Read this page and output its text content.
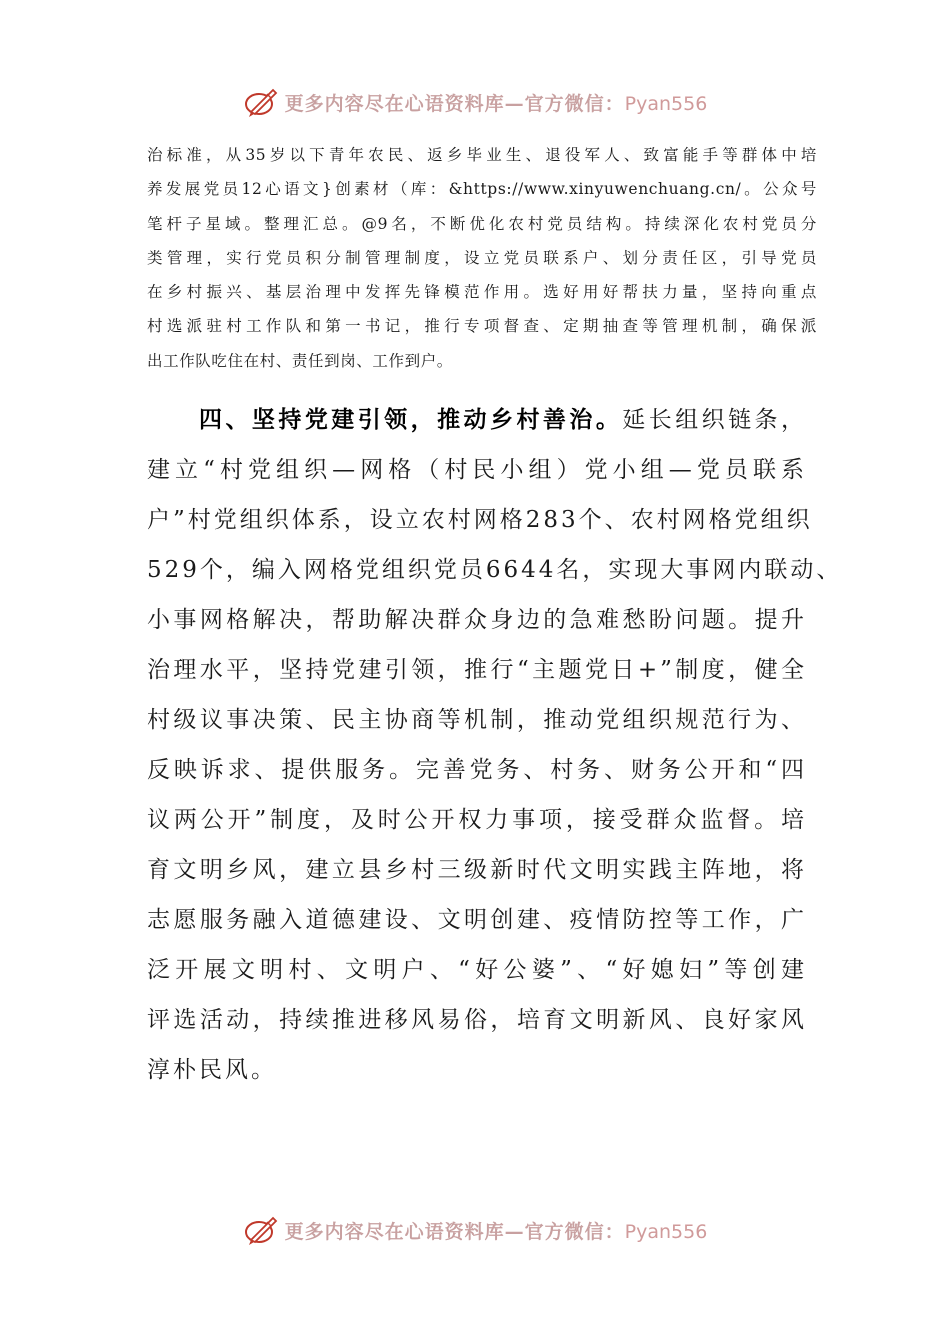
更多内容尽在心语资料库—官方微信：Pyan556
治标准，从35岁以下青年农民、返乡毕业生、退役军人、致富能手等群体中培
养发展党员12心语文}创素材（库：&https://www.xinyuwenchuang.cn/。公众号
笔杆子星域。整理汇总。@9名，不断优化农村党员结构。持续深化农村党员分
类管理，实行党员积分制管理制度，设立党员联系户、划分责任区，引导党员
在乡村振兴、基层治理中发挥先锋模范作用。选好用好帮扶力量，坚持向重点
村选派驻村工作队和第一书记，推行专项督查、定期抽查等管理机制，确保派
出工作队吃住在村、责任到岗、工作到户。
四、坚持党建引领，推动乡村善治。延长组织链条，
建立“村党组织—网格（村民小组）党小组—党员联系
户”村党组织体系，设立农村网格283个、农村网格党组织
529个，编入网格党组织党员6644名，实现大事网内联动、
小事网格解决，帮助解决群众身边的急难愁盼问题。提升
治理水平，坚持党建引领，推行“主题党日+”制度，健全
村级议事决策、民主协商等机制，推动党组织规范行为、
反映诉求、提供服务。完善党务、村务、财务公开和“四
议两公开”制度，及时公开权力事项，接受群众监督。培
育文明乡风，建立县乡村三级新时代文明实践主阵地，将
志愿服务融入道德建设、文明创建、疫情防控等工作，广
泛开展文明村、文明户、“好公婆”、“好媳妇”等创建
评选活动，持续推进移风易俗，培育文明新风、良好家风
淳朴民风。
更多内容尽在心语资料库—官方微信：Pyan556
